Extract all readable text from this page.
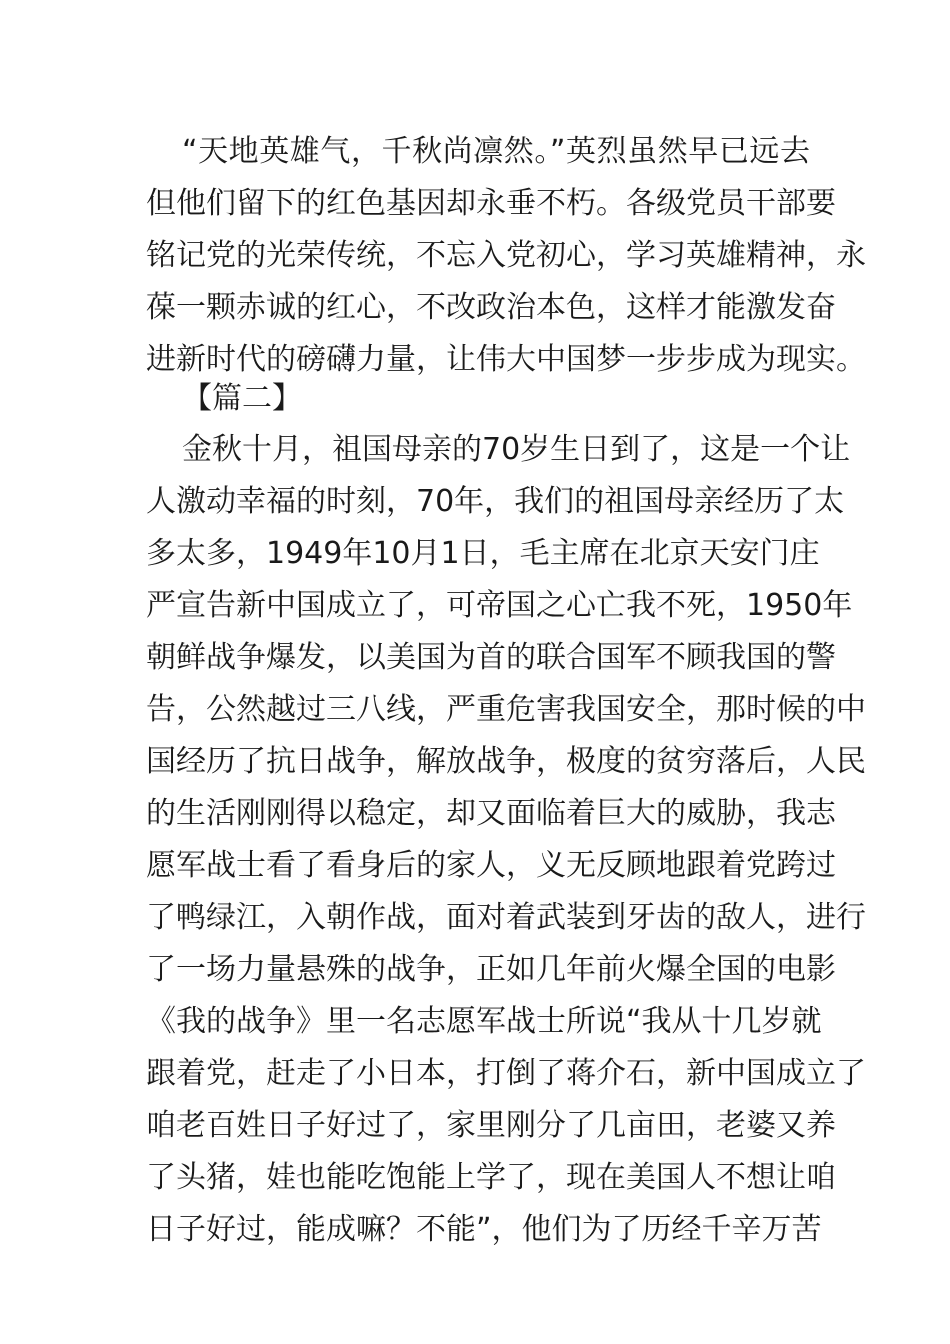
“天地英雄气，千秋尚凛然。”英烈虽然早已远去
但他们留下的红色基因却永垂不朽。各级党员干部要
铭记党的光荣传统，不忘入党初心，学习英雄精神，永
葆一颗赤诚的红心，不改政治本色，这样才能激发奋
进新时代的磅礴力量，让伟大中国梦一步步成为现实。
【篇二】
金秋十月，祖国母亲的70岁生日到了，这是一个让
人激动幸福的时刻，70年，我们的祖国母亲经历了太
多太多，1949年10月1日，毛主席在北京天安门庄
严宣告新中国成立了，可帝国之心亡我不死，1950年
朝鲜战争爆发，以美国为首的联合国军不顾我国的警
告，公然越过三八线，严重危害我国安全，那时候的中
国经历了抗日战争，解放战争，极度的贫穷落后，人民
的生活刚刚得以稳定，却又面临着巨大的威胁，我志
愿军战士看了看身后的家人，义无反顾地跟着党跨过
了鸭绿江，入朝作战，面对着武装到牙齿的敌人，进行
了一场力量悬殊的战争，正如几年前火爆全国的电影
《我的战争》里一名志愿军战士所说“我从十几岁就
跟着党，赶走了小日本，打倒了蒋介石，新中国成立了
咱老百姓日子好过了，家里刚分了几亩田，老婆又养
了头猪，娃也能吃饱能上学了，现在美国人不想让咱
日子好过，能成嘛？不能”，他们为了历经千辛万苦
